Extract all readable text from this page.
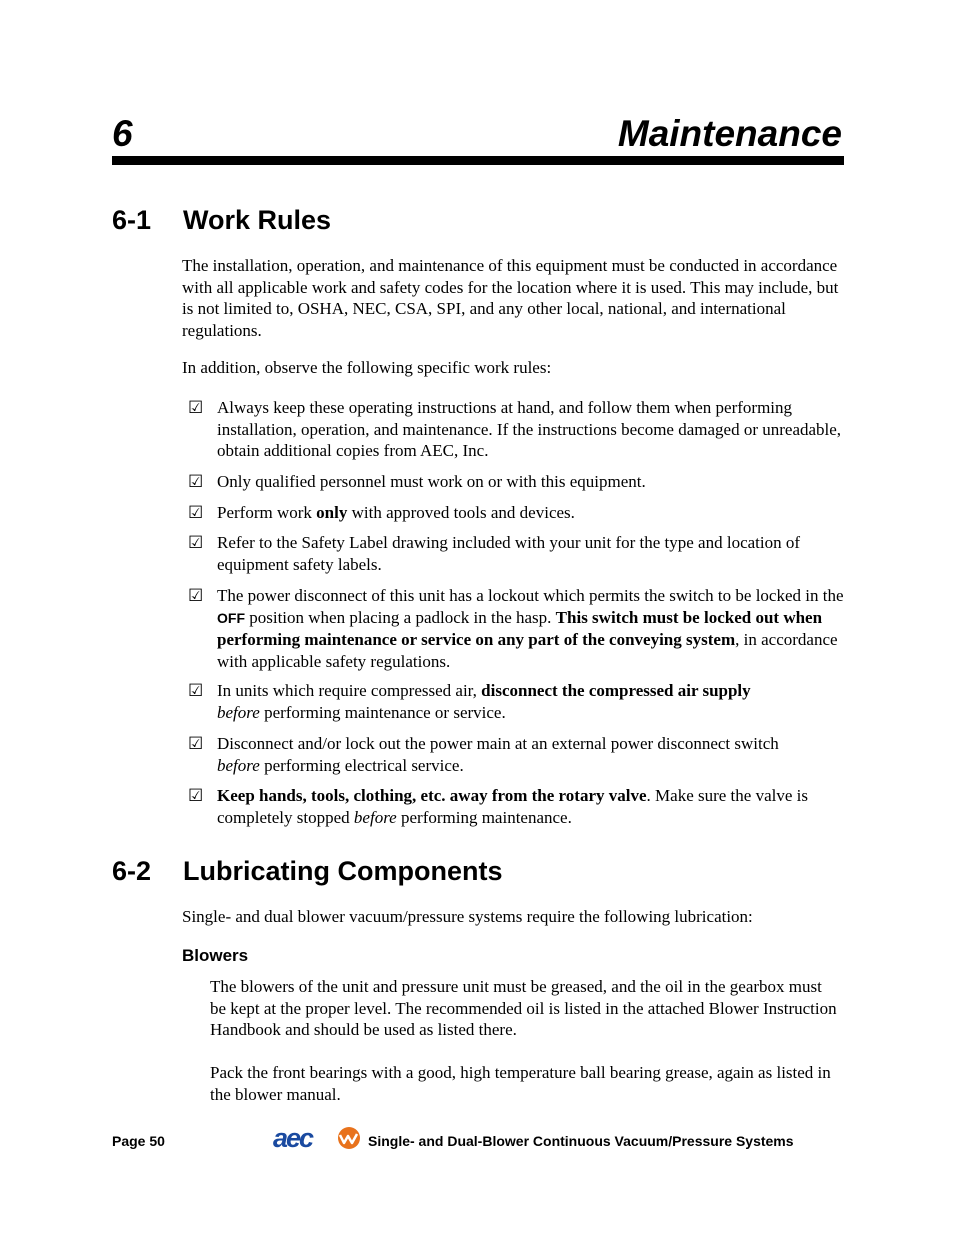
6	Maintenance
6-1 Work Rules
The installation, operation, and maintenance of this equipment must be conducted in accordance with all applicable work and safety codes for the location where it is used. This may include, but is not limited to, OSHA, NEC, CSA, SPI, and any other local, national, and international regulations.
In addition, observe the following specific work rules:
☑ Always keep these operating instructions at hand, and follow them when performing installation, operation, and maintenance. If the instructions become damaged or unreadable, obtain additional copies from AEC, Inc.
☑ Only qualified personnel must work on or with this equipment.
☑ Perform work only with approved tools and devices.
☑ Refer to the Safety Label drawing included with your unit for the type and location of equipment safety labels.
☑ The power disconnect of this unit has a lockout which permits the switch to be locked in the OFF position when placing a padlock in the hasp. This switch must be locked out when performing maintenance or service on any part of the conveying system, in accordance with applicable safety regulations.
☑ In units which require compressed air, disconnect the compressed air supply
before performing maintenance or service.
☑ Disconnect and/or lock out the power main at an external power disconnect switch
before performing electrical service.
☑ Keep hands, tools, clothing, etc. away from the rotary valve. Make sure the valve is completely stopped before performing maintenance.
6-2 Lubricating Components
Single- and dual blower vacuum/pressure systems require the following lubrication:
Blowers
The blowers of the unit and pressure unit must be greased, and the oil in the gearbox must be kept at the proper level. The recommended oil is listed in the attached Blower Instruction Handbook and should be used as listed there.
Pack the front bearings with a good, high temperature ball bearing grease, again as listed in the blower manual.
Page 50	aec	Single- and Dual-Blower Continuous Vacuum/Pressure Systems
